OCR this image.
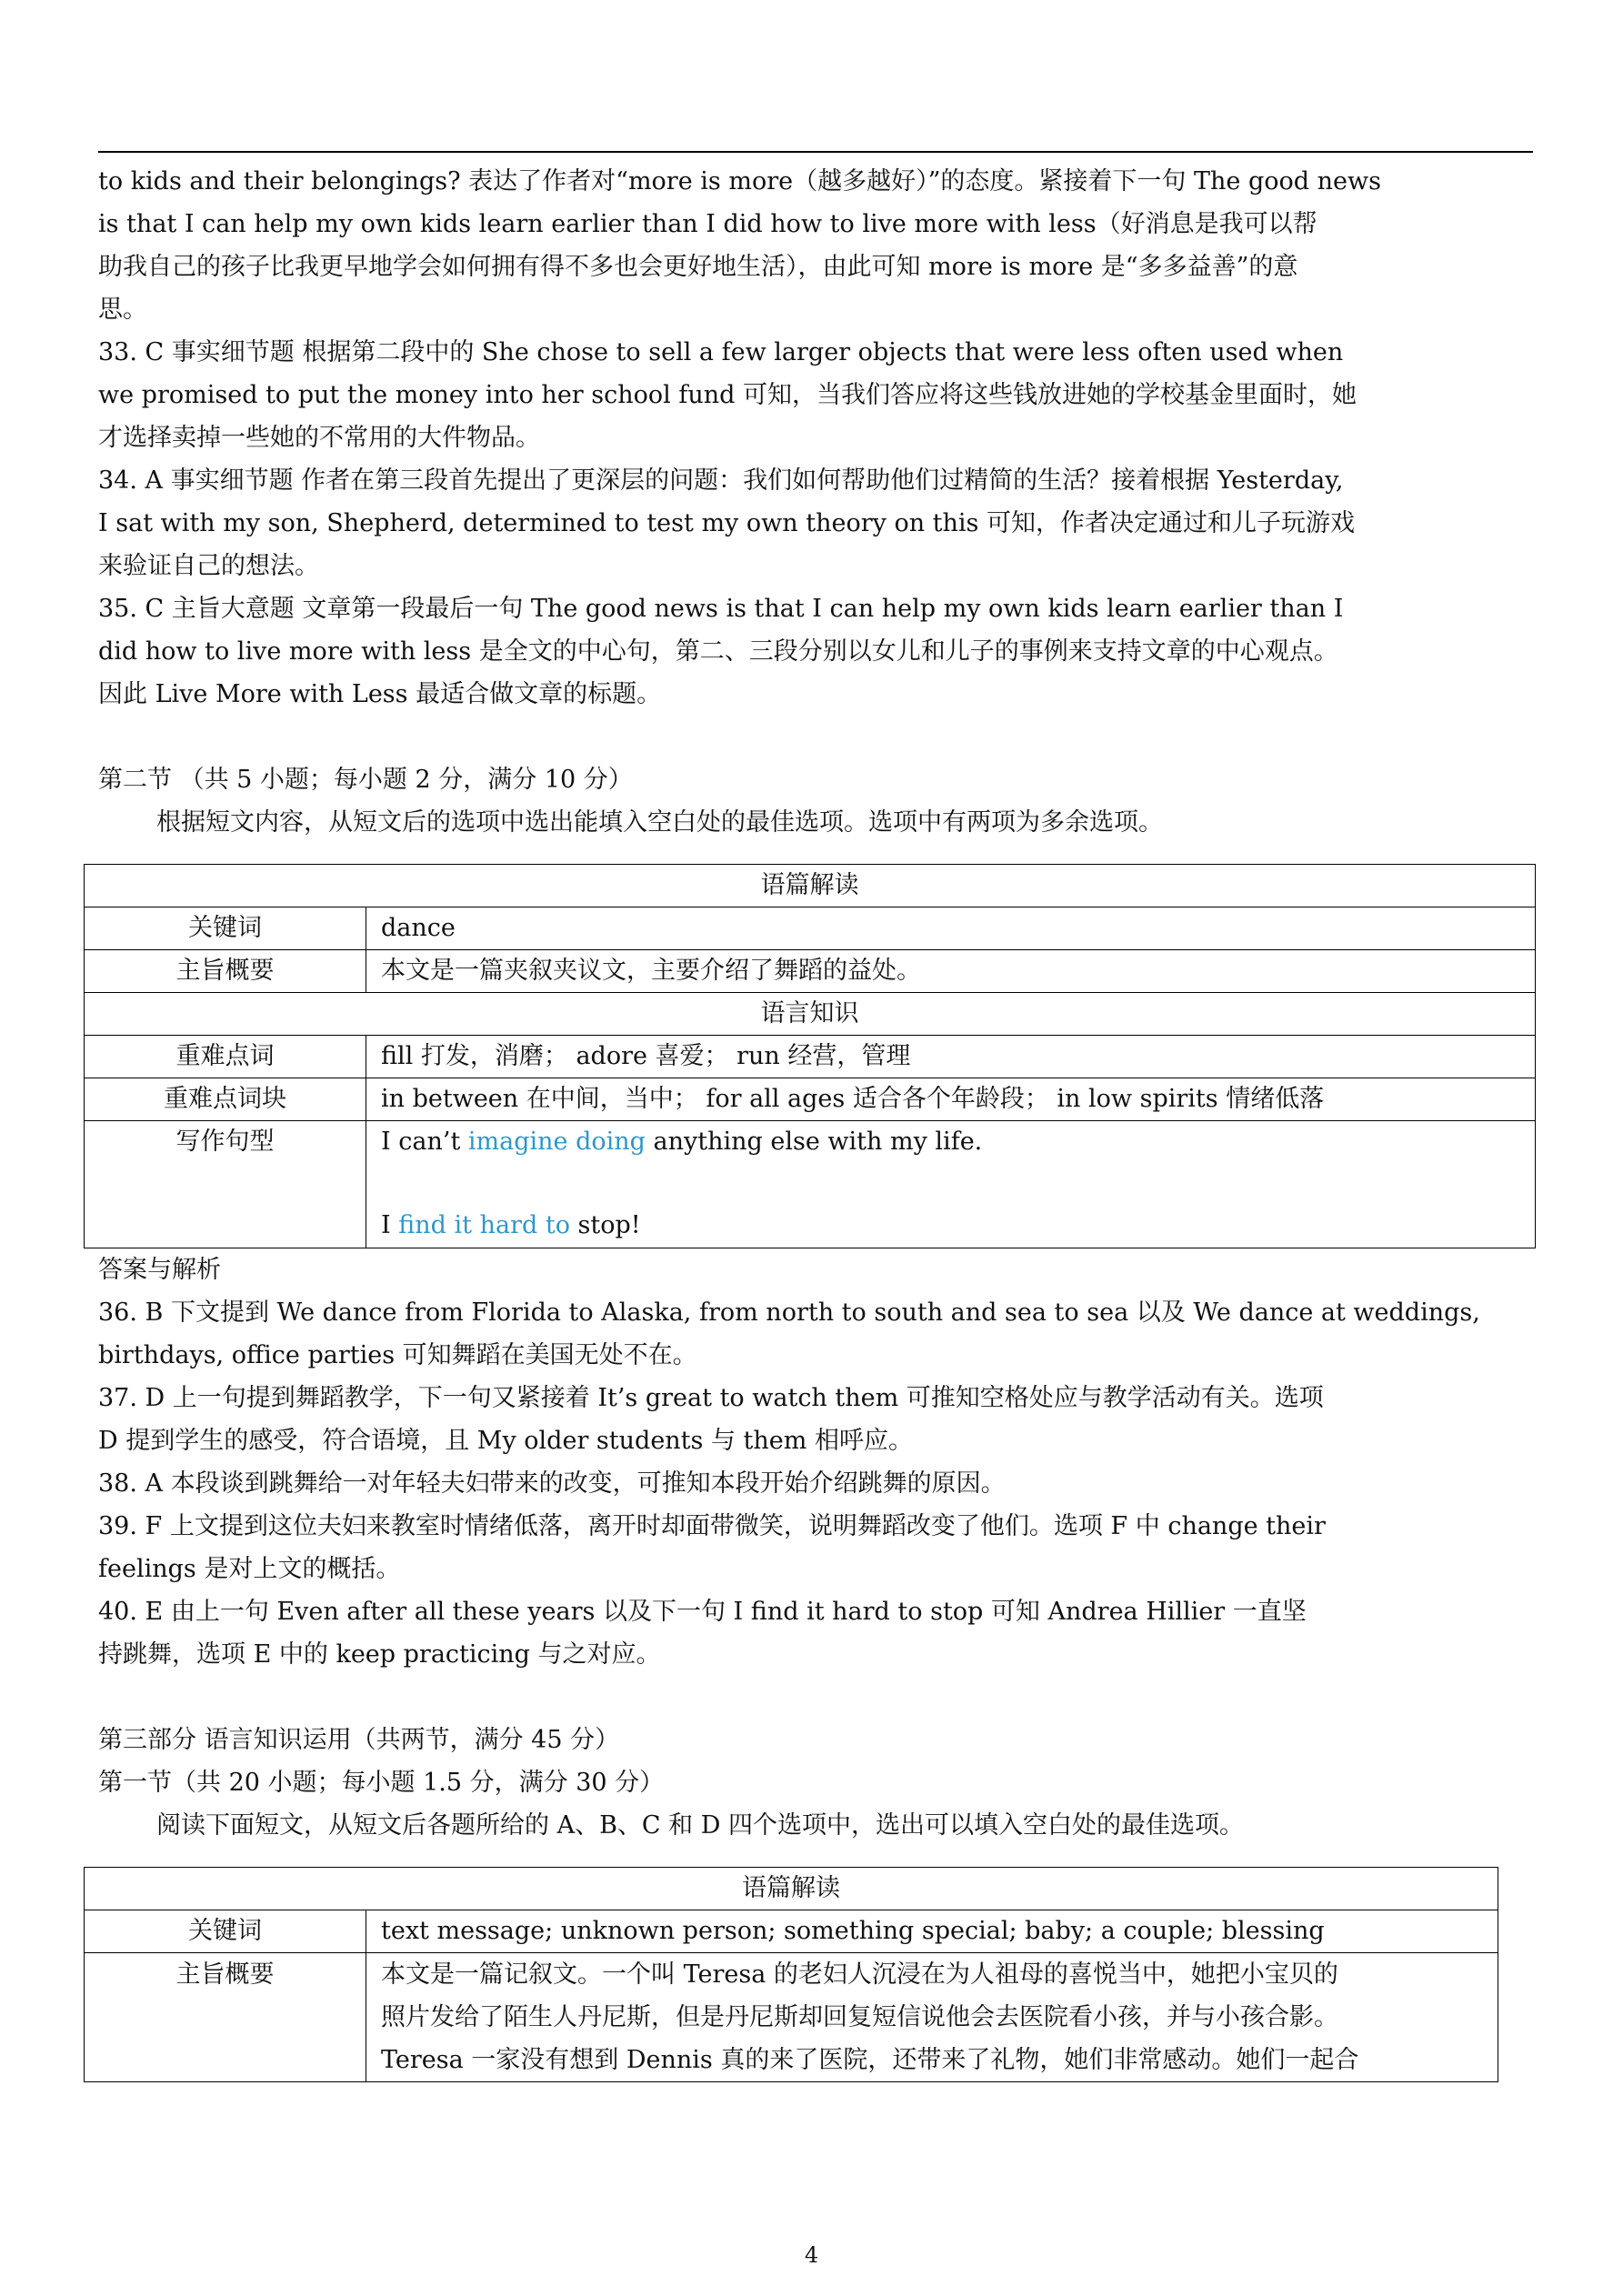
to kids and their belongings? 表达了作者对“more is more（越多越好）”的态度。紧接着下一句 The good news

is that I can help my own kids learn earlier than I did how to live more with less（好消息是我可以帮

助我自己的孩子比我更早地学会如何拥有得不多也会更好地生活），由此可知 more is more 是“多多益善”的意

思。

33. C 事实细节题 根据第二段中的 She chose to sell a few larger objects that were less often used when

we promised to put the money into her school fund 可知，当我们答应将这些钱放进她的学校基金里面时，她

才选择卖掉一些她的不常用的大件物品。

34. A 事实细节题 作者在第三段首先提出了更深层的问题：我们如何帮助他们过精简的生活？接着根据 Yesterday,

I sat with my son, Shepherd, determined to test my own theory on this 可知，作者决定通过和儿子玩游戏

来验证自己的想法。

35. C 主旨大意题 文章第一段最后一句 The good news is that I can help my own kids learn earlier than I

did how to live more with less 是全文的中心句，第二、三段分别以女儿和儿子的事例来支持文章的中心观点。

因此 Live More with Less 最适合做文章的标题。

第二节 （共 5 小题；每小题 2 分，满分 10 分）

根据短文内容，从短文后的选项中选出能填入空白处的最佳选项。选项中有两项为多余选项。

语篇解读	
关键词	dance
主旨概要	本文是一篇夹叙夹议文，主要介绍了舞蹈的益处。
语言知识	
重难点词	fill 打发，消磨； adore 喜爱； run 经营，管理
重难点词块	in between 在中间，当中； for all ages 适合各个年龄段； in low spirits 情绪低落
写作句型	I can’t imagine doing anything else with my life.
I find it hard to stop!

答案与解析

36. B 下文提到 We dance from Florida to Alaska, from north to south and sea to sea 以及 We dance at weddings,

birthdays, office parties 可知舞蹈在美国无处不在。

37. D 上一句提到舞蹈教学，下一句又紧接着 It’s great to watch them 可推知空格处应与教学活动有关。选项

D 提到学生的感受，符合语境，且 My older students 与 them 相呼应。

38. A 本段谈到跳舞给一对年轻夫妇带来的改变，可推知本段开始介绍跳舞的原因。

39. F 上文提到这位夫妇来教室时情绪低落，离开时却面带微笑，说明舞蹈改变了他们。选项 F 中 change their

feelings 是对上文的概括。

40. E 由上一句 Even after all these years 以及下一句 I find it hard to stop 可知 Andrea Hillier 一直坚

持跳舞，选项 E 中的 keep practicing 与之对应。

第三部分 语言知识运用（共两节，满分 45 分）

第一节（共 20 小题；每小题 1.5 分，满分 30 分）

阅读下面短文，从短文后各题所给的 A、B、C 和 D 四个选项中，选出可以填入空白处的最佳选项。

语篇解读	
关键词	text message; unknown person; something special; baby; a couple; blessing
主旨概要	本文是一篇记叙文。一个叫 Teresa 的老妇人沉浸在为人祖母的喜悦当中，她把小宝贝的
照片发给了陌生人丹尼斯，但是丹尼斯却回复短信说他会去医院看小孩，并与小孩合影。
Teresa 一家没有想到 Dennis 真的来了医院，还带来了礼物，她们非常感动。她们一起合
4
